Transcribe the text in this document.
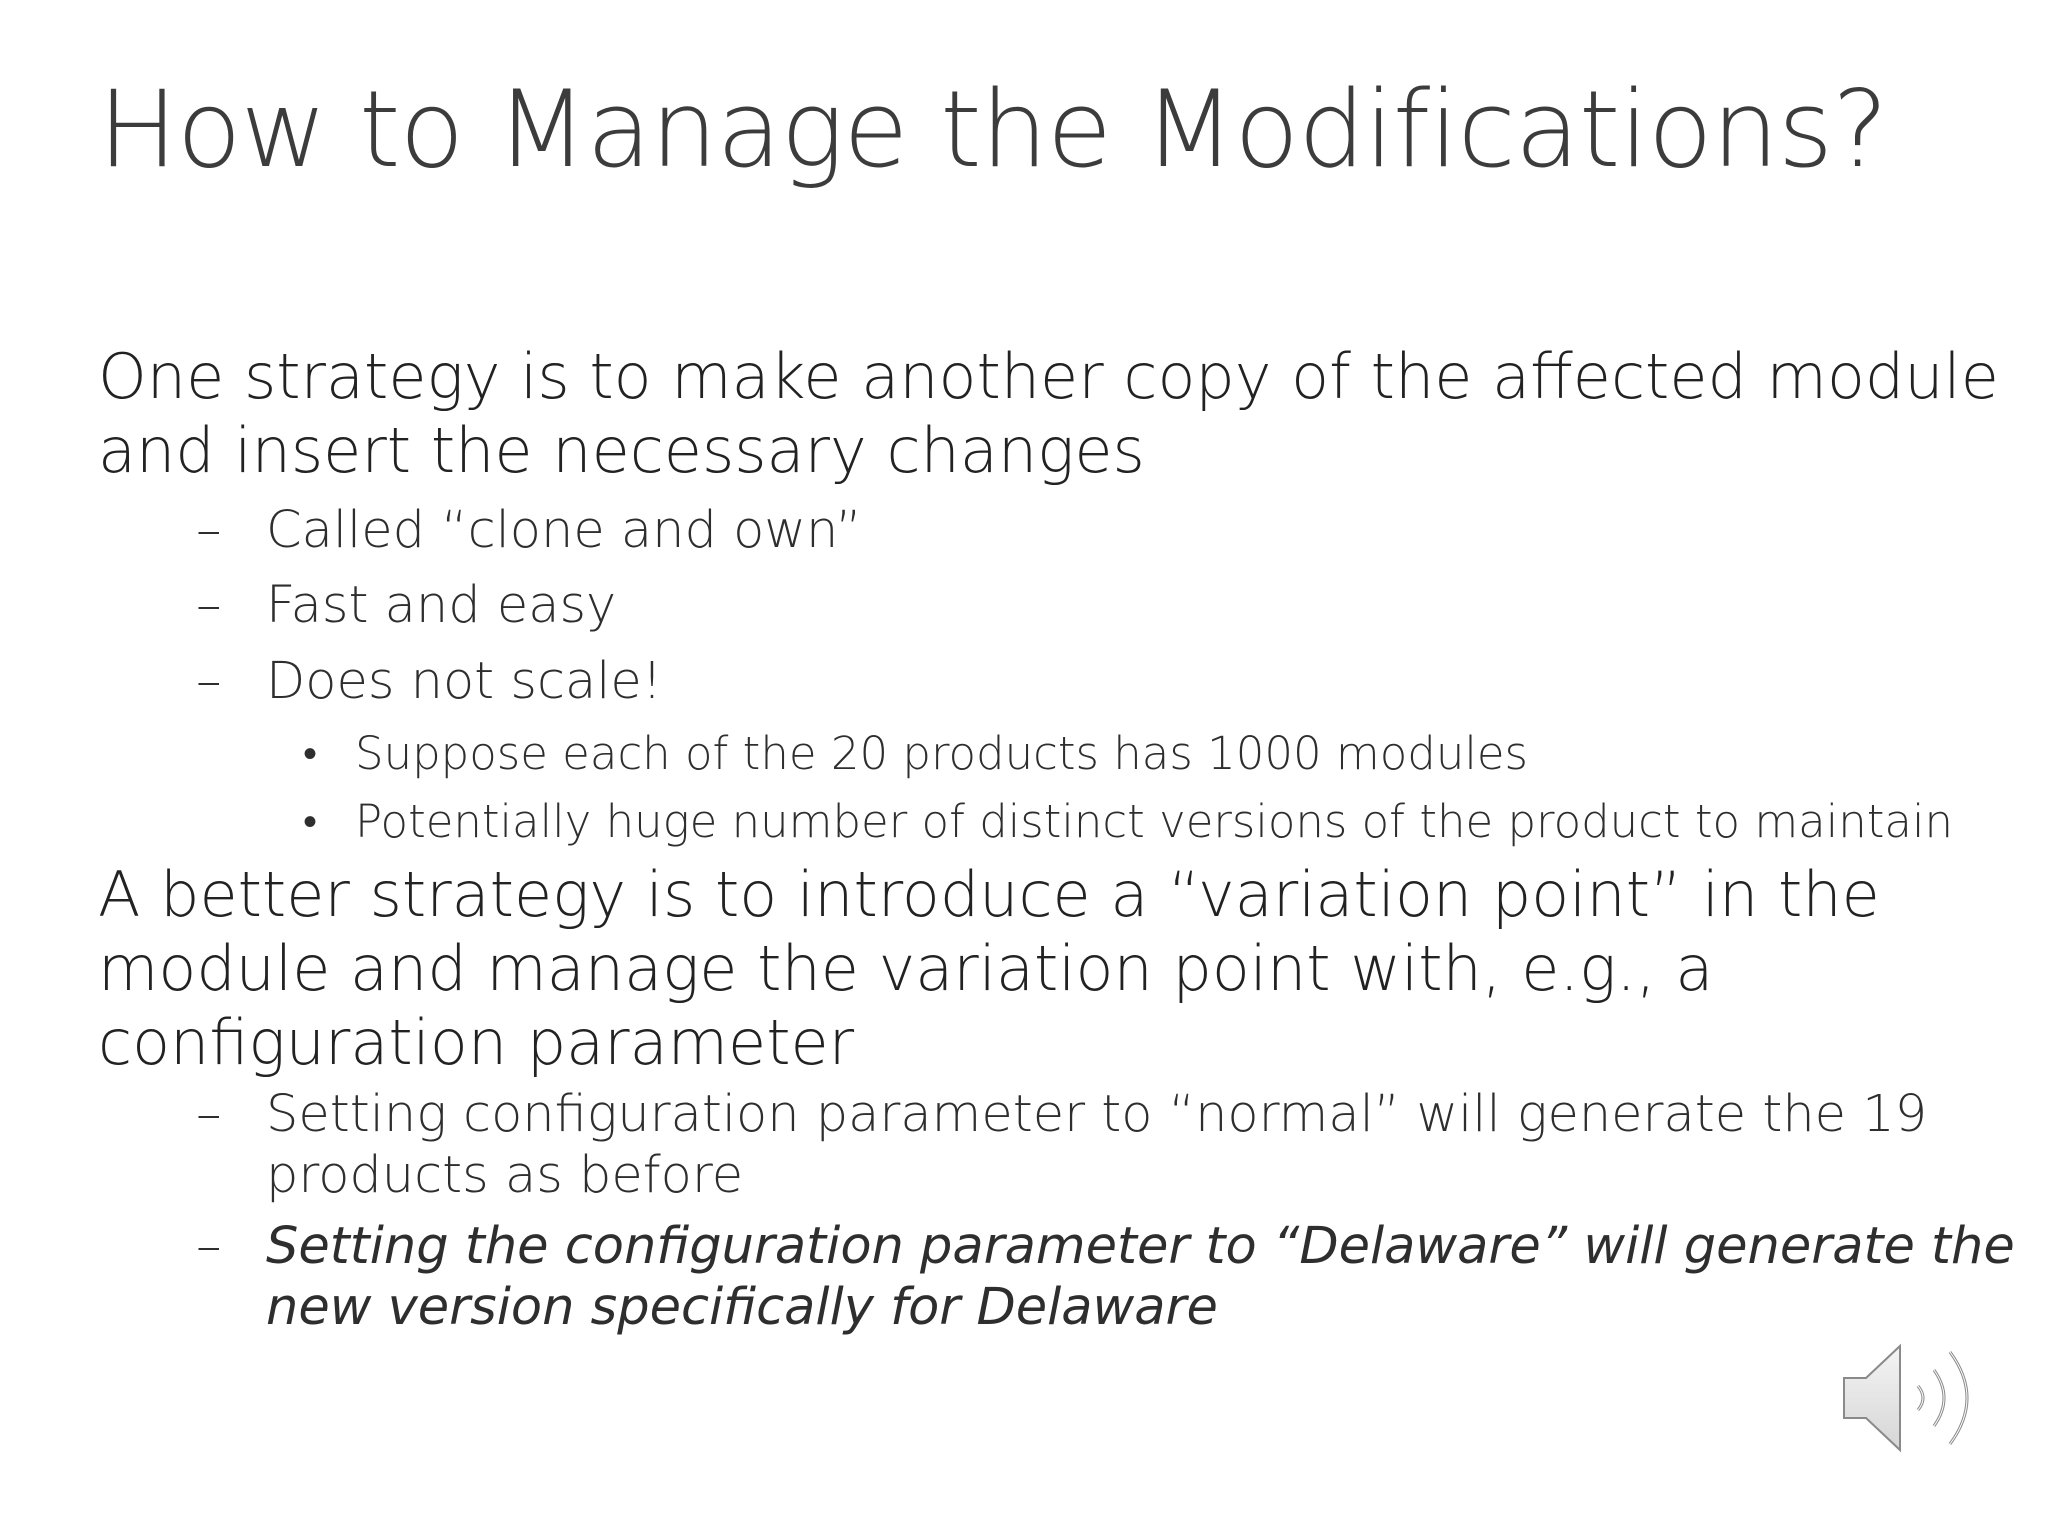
How to Manage the Modifications?

One strategy is to make another copy of the affected module
and insert the necessary changes

– Called “clone and own”
– Fast and easy
– Does not scale!
• Suppose each of the 20 products has 1000 modules
• Potentially huge number of distinct versions of the product to maintain

A better strategy is to introduce a “variation point” in the
module and manage the variation point with, e.g., a
configuration parameter

– Setting configuration parameter to “normal” will generate the 19
products as before
– Setting the configuration parameter to “Delaware” will generate the
new version specifically for Delaware
